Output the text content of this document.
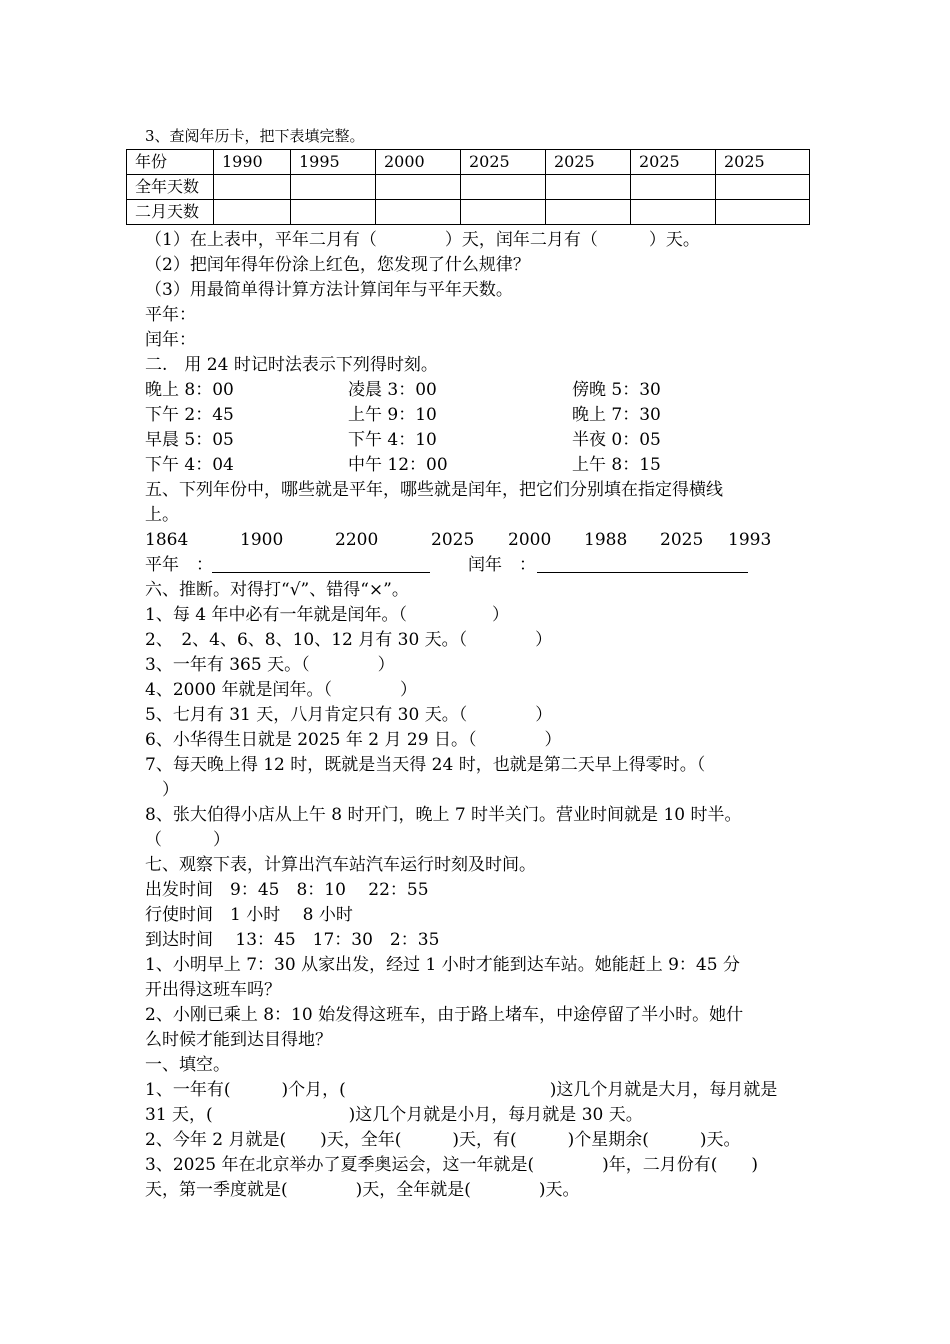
3、查阅年历卡，把下表填完整。
年份	1990	1995	2000	2025	2025	2025	2025
全年天数							
二月天数							
（1）在上表中，平年二月有（　　　　）天，闰年二月有（　　　）天。
（2）把闰年得年份涂上红色，您发现了什么规律？
（3）用最简单得计算方法计算闰年与平年天数。
平年：
闰年：
二.　用 24 时记时法表示下列得时刻。
晚上 8：00	凌晨 3：00	傍晚 5：30
下午 2：45	上午 9：10	晚上 7：30
早晨 5：05	下午 4：10	半夜 0：05
下午 4：04	中午 12：00	上午 8：15
五、下列年份中，哪些就是平年，哪些就是闰年，把它们分别填在指定得横线
上。
1864	1900	2200	2025 2000 1988 2025 1993
平年　：	闰年　：
六、推断。对得打“√”、错得“×”。
1、每 4 年中必有一年就是闰年。（　　　　　）
2、　2、4、6、8、10、12 月有 30 天。（　　　　）
3、一年有 365 天。（　　　　）
4、2000 年就是闰年。（　　　　）
5、七月有 31 天，八月肯定只有 30 天。（　　　　）
6、小华得生日就是 2025 年 2 月 29 日。（　　　　）
7、每天晚上得 12 时，既就是当天得 24 时，也就是第二天早上得零时。（
　）
8、张大伯得小店从上午 8 时开门，晚上 7 时半关门。营业时间就是 10 时半。
（　　　）
七、观察下表，计算出汽车站汽车运行时刻及时间。
出发时间　9：45　8：10　 22：55
行使时间　1 小时　 8 小时
到达时间　 13：45　17：30　2：35
1、小明早上 7：30 从家出发，经过 1 小时才能到达车站。她能赶上 9：45 分
开出得这班车吗？
2、小刚已乘上 8：10 始发得这班车，由于路上堵车，中途停留了半小时。她什
么时候才能到达目得地？
一、填空。
1、一年有(　　　)个月，(　　　　　　　　　　　　)这几个月就是大月，每月就是
31 天，(　　　　　　　　)这几个月就是小月，每月就是 30 天。
2、今年 2 月就是(　　)天，全年(　　　)天，有(　　　)个星期余(　　　)天。
3、2025 年在北京举办了夏季奥运会，这一年就是(　　　　)年，二月份有(　　)
天，第一季度就是(　　　　)天，全年就是(　　　　)天。
